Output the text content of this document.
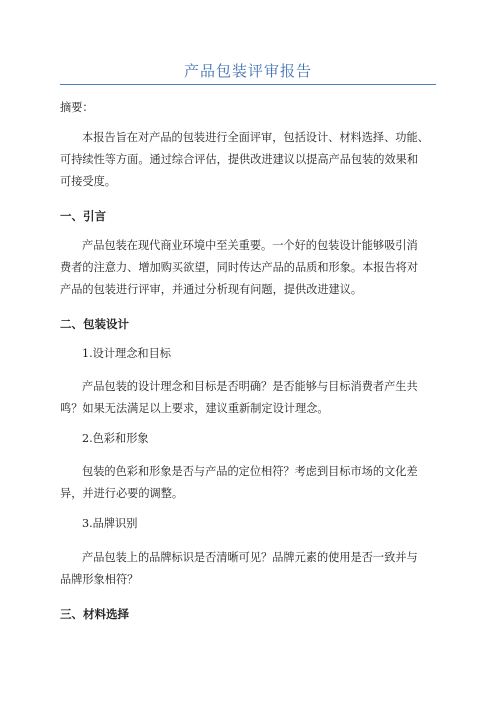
产品包装评审报告

摘要：

本报告旨在对产品的包装进行全面评审，包括设计、材料选择、功能、
可持续性等方面。通过综合评估，提供改进建议以提高产品包装的效果和
可接受度。

一、引言

产品包装在现代商业环境中至关重要。一个好的包装设计能够吸引消
费者的注意力、增加购买欲望，同时传达产品的品质和形象。本报告将对
产品的包装进行评审，并通过分析现有问题，提供改进建议。

二、包装设计

1.设计理念和目标

产品包装的设计理念和目标是否明确？是否能够与目标消费者产生共
鸣？如果无法满足以上要求，建议重新制定设计理念。

2.色彩和形象

包装的色彩和形象是否与产品的定位相符？考虑到目标市场的文化差
异，并进行必要的调整。

3.品牌识别

产品包装上的品牌标识是否清晰可见？品牌元素的使用是否一致并与
品牌形象相符？

三、材料选择
